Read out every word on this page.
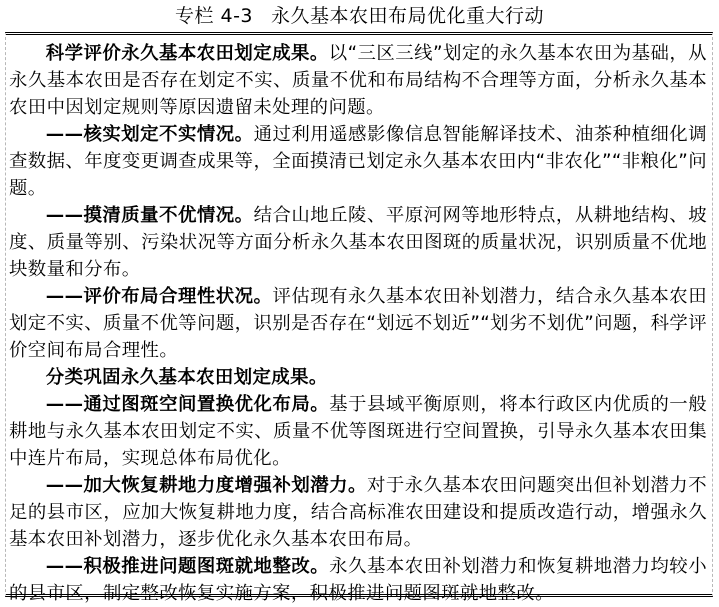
专栏 4-3 永久基本农田布局优化重大行动

科学评价永久基本农田划定成果。以“三区三线”划定的永久基本农田为基础，从永久基本农田是否存在划定不实、质量不优和布局结构不合理等方面，分析永久基本农田中因划定规则等原因遗留未处理的问题。

——核实划定不实情况。通过利用遥感影像信息智能解译技术、油茶种植细化调查数据、年度变更调查成果等，全面摸清已划定永久基本农田内“非农化”“非粮化”问题。

——摸清质量不优情况。结合山地丘陵、平原河网等地形特点，从耕地结构、坡度、质量等别、污染状况等方面分析永久基本农田图斑的质量状况，识别质量不优地块数量和分布。

——评价布局合理性状况。评估现有永久基本农田补划潜力，结合永久基本农田划定不实、质量不优等问题，识别是否存在“划远不划近”“划劣不划优”问题，科学评价空间布局合理性。

分类巩固永久基本农田划定成果。

——通过图斑空间置换优化布局。基于县域平衡原则，将本行政区内优质的一般耕地与永久基本农田划定不实、质量不优等图斑进行空间置换，引导永久基本农田集中连片布局，实现总体布局优化。

——加大恢复耕地力度增强补划潜力。对于永久基本农田问题突出但补划潜力不足的县市区，应加大恢复耕地力度，结合高标准农田建设和提质改造行动，增强永久基本农田补划潜力，逐步优化永久基本农田布局。

——积极推进问题图斑就地整改。永久基本农田补划潜力和恢复耕地潜力均较小的县市区，制定整改恢复实施方案，积极推进问题图斑就地整改。
